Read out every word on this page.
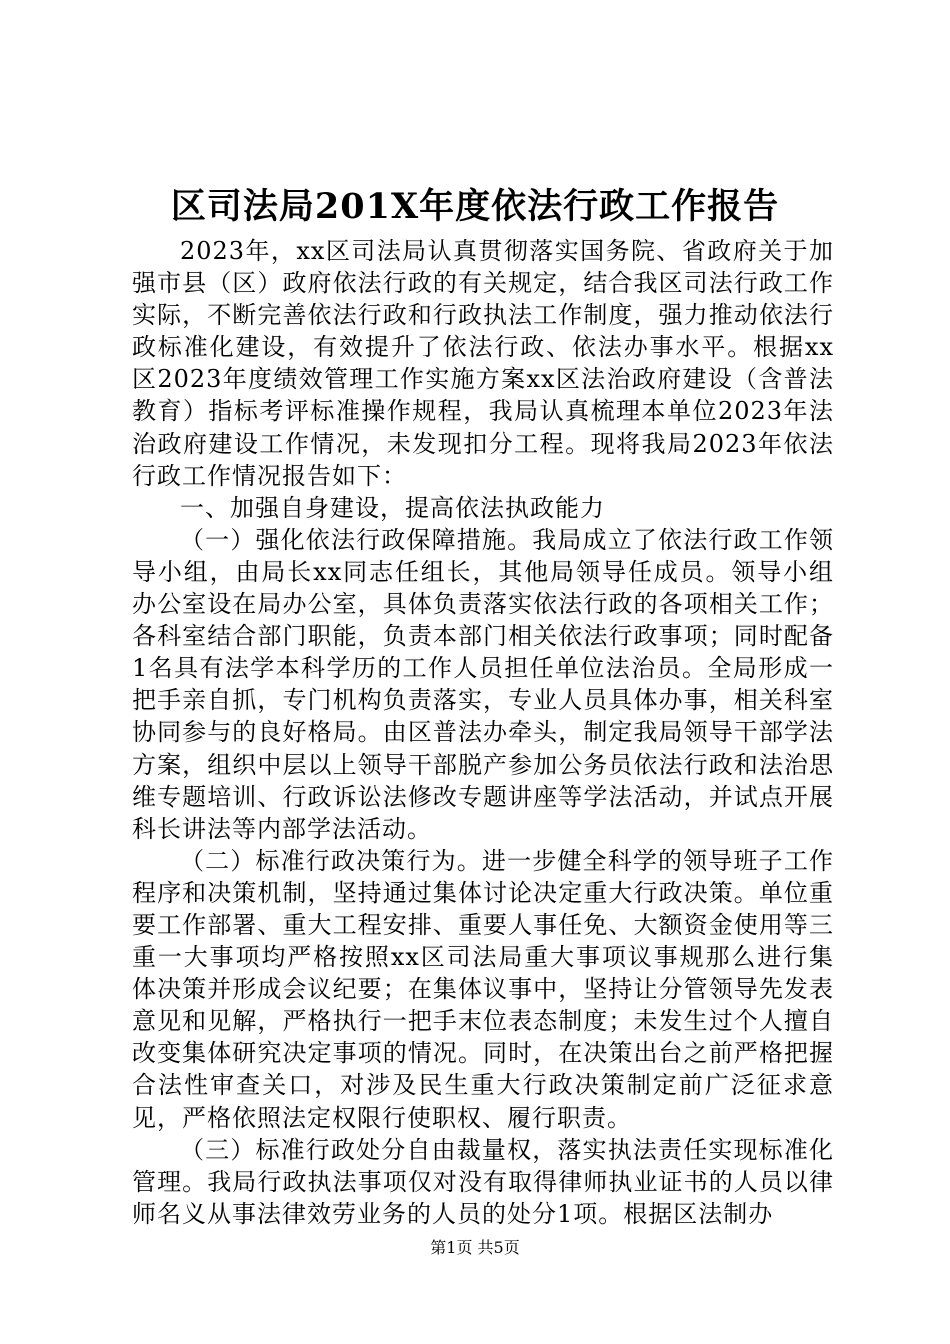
区司法局201X年度依法行政工作报告

2023年，xx区司法局认真贯彻落实国务院、省政府关于加强市县（区）政府依法行政的有关规定，结合我区司法行政工作实际，不断完善依法行政和行政执法工作制度，强力推动依法行政标准化建设，有效提升了依法行政、依法办事水平。根据xx区2023年度绩效管理工作实施方案xx区法治政府建设（含普法教育）指标考评标准操作规程，我局认真梳理本单位2023年法治政府建设工作情况，未发现扣分工程。现将我局2023年依法行政工作情况报告如下：

一、加强自身建设，提高依法执政能力

（一）强化依法行政保障措施。我局成立了依法行政工作领导小组，由局长xx同志任组长，其他局领导任成员。领导小组办公室设在局办公室，具体负责落实依法行政的各项相关工作；各科室结合部门职能，负责本部门相关依法行政事项；同时配备1名具有法学本科学历的工作人员担任单位法治员。全局形成一把手亲自抓，专门机构负责落实，专业人员具体办事，相关科室协同参与的良好格局。由区普法办牵头，制定我局领导干部学法方案，组织中层以上领导干部脱产参加公务员依法行政和法治思维专题培训、行政诉讼法修改专题讲座等学法活动，并试点开展科长讲法等内部学法活动。

（二）标准行政决策行为。进一步健全科学的领导班子工作程序和决策机制，坚持通过集体讨论决定重大行政决策。单位重要工作部署、重大工程安排、重要人事任免、大额资金使用等三重一大事项均严格按照xx区司法局重大事项议事规那么进行集体决策并形成会议纪要；在集体议事中，坚持让分管领导先发表意见和见解，严格执行一把手末位表态制度；未发生过个人擅自改变集体研究决定事项的情况。同时，在决策出台之前严格把握合法性审查关口，对涉及民生重大行政决策制定前广泛征求意见，严格依照法定权限行使职权、履行职责。

（三）标准行政处分自由裁量权，落实执法责任实现标准化管理。我局行政执法事项仅对没有取得律师执业证书的人员以律师名义从事法律效劳业务的人员的处分1项。根据区法制办

第1页 共5页
